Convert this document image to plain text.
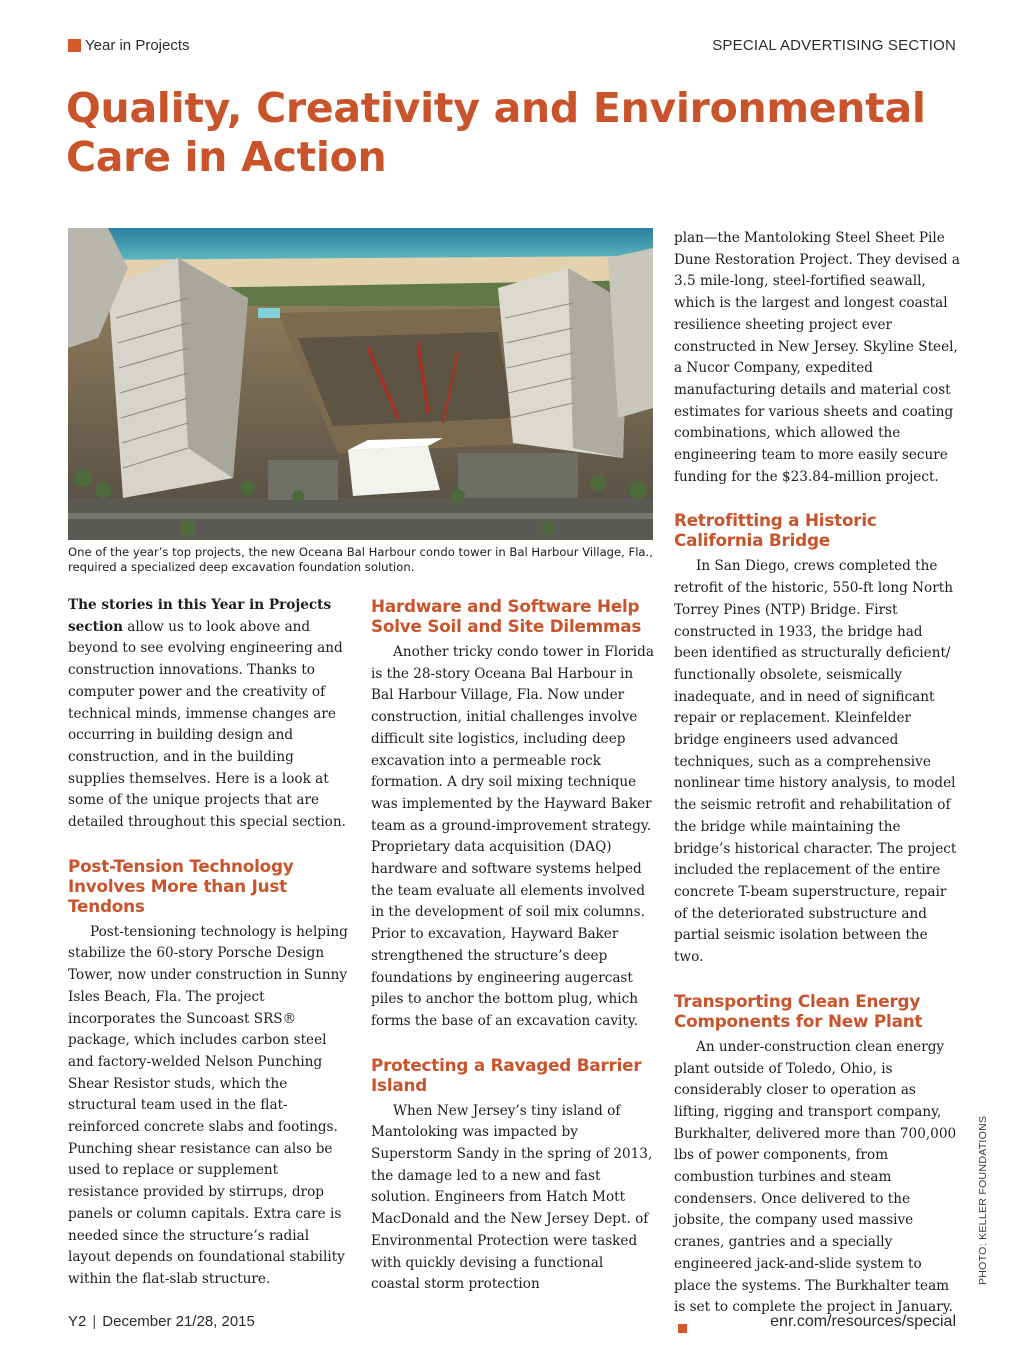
Year in Projects	SPECIAL ADVERTISING SECTION
Quality, Creativity and Environmental
Care in Action

One of the year’s top projects, the new Oceana Bal Harbour condo tower in Bal Harbour Village, Fla., required a specialized deep excavation foundation solution.

The stories in this Year in Projects section allow us to look above and beyond to see evolving engineering and construction innovations. Thanks to computer power and the creativity of technical minds, immense changes are occurring in building design and construction, and in the building supplies themselves. Here is a look at some of the unique projects that are detailed throughout this special section.

Post-Tension Technology Involves More than Just Tendons

Post-tensioning technology is helping stabilize the 60-story Porsche Design Tower, now under construction in Sunny Isles Beach, Fla. The project incorporates the Suncoast SRS® package, which includes carbon steel and factory-welded Nelson Punching Shear Resistor studs, which the structural team used in the flat-reinforced concrete slabs and footings. Punching shear resistance can also be used to replace or supplement resistance provided by stirrups, drop panels or column capitals. Extra care is needed since the structure’s radial layout depends on foundational stability within the flat-slab structure.

Hardware and Software Help Solve Soil and Site Dilemmas

Another tricky condo tower in Florida is the 28-story Oceana Bal Harbour in Bal Harbour Village, Fla. Now under construction, initial challenges involve difficult site logistics, including deep excavation into a permeable rock formation. A dry soil mixing technique was implemented by the Hayward Baker team as a ground-improvement strategy. Proprietary data acquisition (DAQ) hardware and software systems helped the team evaluate all elements involved in the development of soil mix columns. Prior to excavation, Hayward Baker strengthened the structure’s deep foundations by engineering augercast piles to anchor the bottom plug, which forms the base of an excavation cavity.

Protecting a Ravaged Barrier Island

When New Jersey’s tiny island of Mantoloking was impacted by Superstorm Sandy in the spring of 2013, the damage led to a new and fast solution. Engineers from Hatch Mott MacDonald and the New Jersey Dept. of Environmental Protection were tasked with quickly devising a functional coastal storm protection

plan—the Mantoloking Steel Sheet Pile Dune Restoration Project. They devised a 3.5 mile-long, steel-fortified seawall, which is the largest and longest coastal resilience sheeting project ever constructed in New Jersey. Skyline Steel, a Nucor Company, expedited manufacturing details and material cost estimates for various sheets and coating combinations, which allowed the engineering team to more easily secure funding for the $23.84-million project.

Retrofitting a Historic California Bridge

In San Diego, crews completed the retrofit of the historic, 550-ft long North Torrey Pines (NTP) Bridge. First constructed in 1933, the bridge had been identified as structurally deficient/ functionally obsolete, seismically inadequate, and in need of significant repair or replacement. Kleinfelder bridge engineers used advanced techniques, such as a comprehensive nonlinear time history analysis, to model the seismic retrofit and rehabilitation of the bridge while maintaining the bridge’s historical character. The project included the replacement of the entire concrete T-beam superstructure, repair of the deteriorated substructure and partial seismic isolation between the two.

Transporting Clean Energy Components for New Plant

An under-construction clean energy plant outside of Toledo, Ohio, is considerably closer to operation as lifting, rigging and transport company, Burkhalter, delivered more than 700,000 lbs of power components, from combustion turbines and steam condensers. Once delivered to the jobsite, the company used massive cranes, gantries and a specially engineered jack-and-slide system to place the systems. The Burkhalter team is set to complete the project in January.

PHOTO: KELLER FOUNDATIONS
Y2 | December 21/28, 2015	enr.com/resources/special
